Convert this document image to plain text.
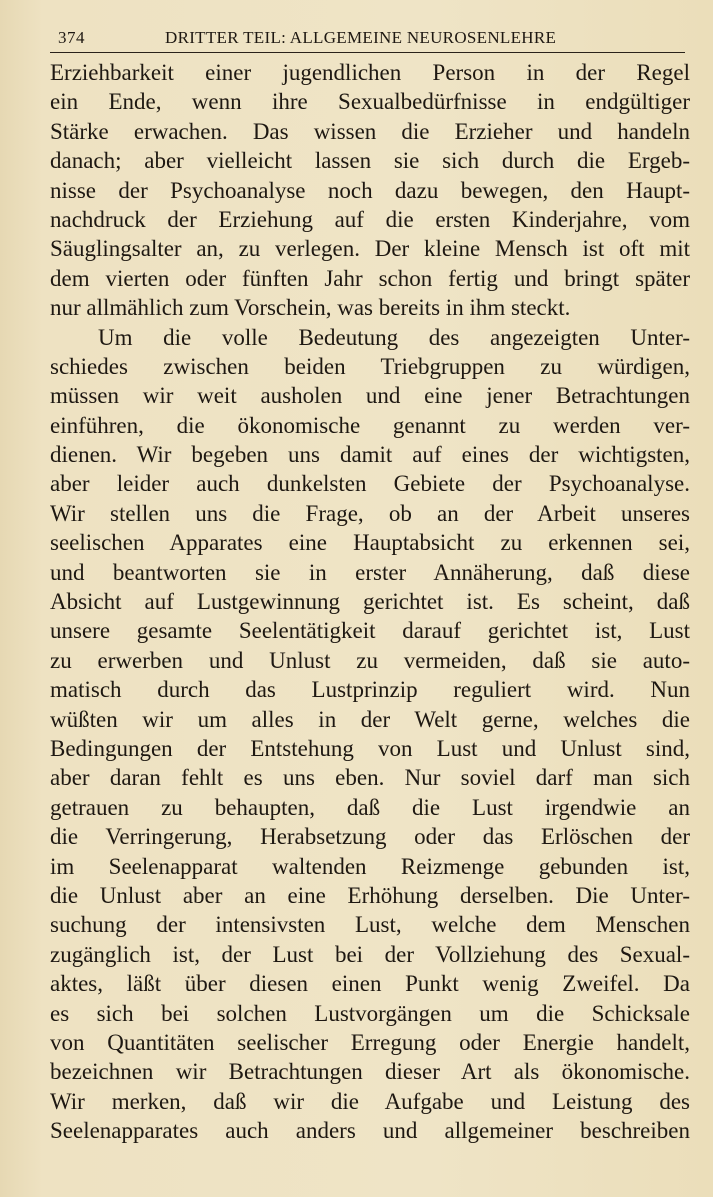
374	DRITTER TEIL: ALLGEMEINE NEUROSENLEHRE
Erziehbarkeit einer jugendlichen Person in der Regel
ein Ende, wenn ihre Sexualbedürfnisse in endgültiger
Stärke erwachen. Das wissen die Erzieher und handeln
danach; aber vielleicht lassen sie sich durch die Ergeb-
nisse der Psychoanalyse noch dazu bewegen, den Haupt-
nachdruck der Erziehung auf die ersten Kinderjahre, vom
Säuglingsalter an, zu verlegen. Der kleine Mensch ist oft mit
dem vierten oder fünften Jahr schon fertig und bringt später
nur allmählich zum Vorschein, was bereits in ihm steckt.
Um die volle Bedeutung des angezeigten Unter-
schiedes zwischen beiden Triebgruppen zu würdigen,
müssen wir weit ausholen und eine jener Betrachtungen
einführen, die ökonomische genannt zu werden ver-
dienen. Wir begeben uns damit auf eines der wichtigsten,
aber leider auch dunkelsten Gebiete der Psychoanalyse.
Wir stellen uns die Frage, ob an der Arbeit unseres
seelischen Apparates eine Hauptabsicht zu erkennen sei,
und beantworten sie in erster Annäherung, daß diese
Absicht auf Lustgewinnung gerichtet ist. Es scheint, daß
unsere gesamte Seelentätigkeit darauf gerichtet ist, Lust
zu erwerben und Unlust zu vermeiden, daß sie auto-
matisch durch das Lustprinzip reguliert wird. Nun
wüßten wir um alles in der Welt gerne, welches die
Bedingungen der Entstehung von Lust und Unlust sind,
aber daran fehlt es uns eben. Nur soviel darf man sich
getrauen zu behaupten, daß die Lust irgendwie an
die Verringerung, Herabsetzung oder das Erlöschen der
im Seelenapparat waltenden Reizmenge gebunden ist,
die Unlust aber an eine Erhöhung derselben. Die Unter-
suchung der intensivsten Lust, welche dem Menschen
zugänglich ist, der Lust bei der Vollziehung des Sexual-
aktes, läßt über diesen einen Punkt wenig Zweifel. Da
es sich bei solchen Lustvorgängen um die Schicksale
von Quantitäten seelischer Erregung oder Energie handelt,
bezeichnen wir Betrachtungen dieser Art als ökonomische.
Wir merken, daß wir die Aufgabe und Leistung des
Seelenapparates auch anders und allgemeiner beschreiben
